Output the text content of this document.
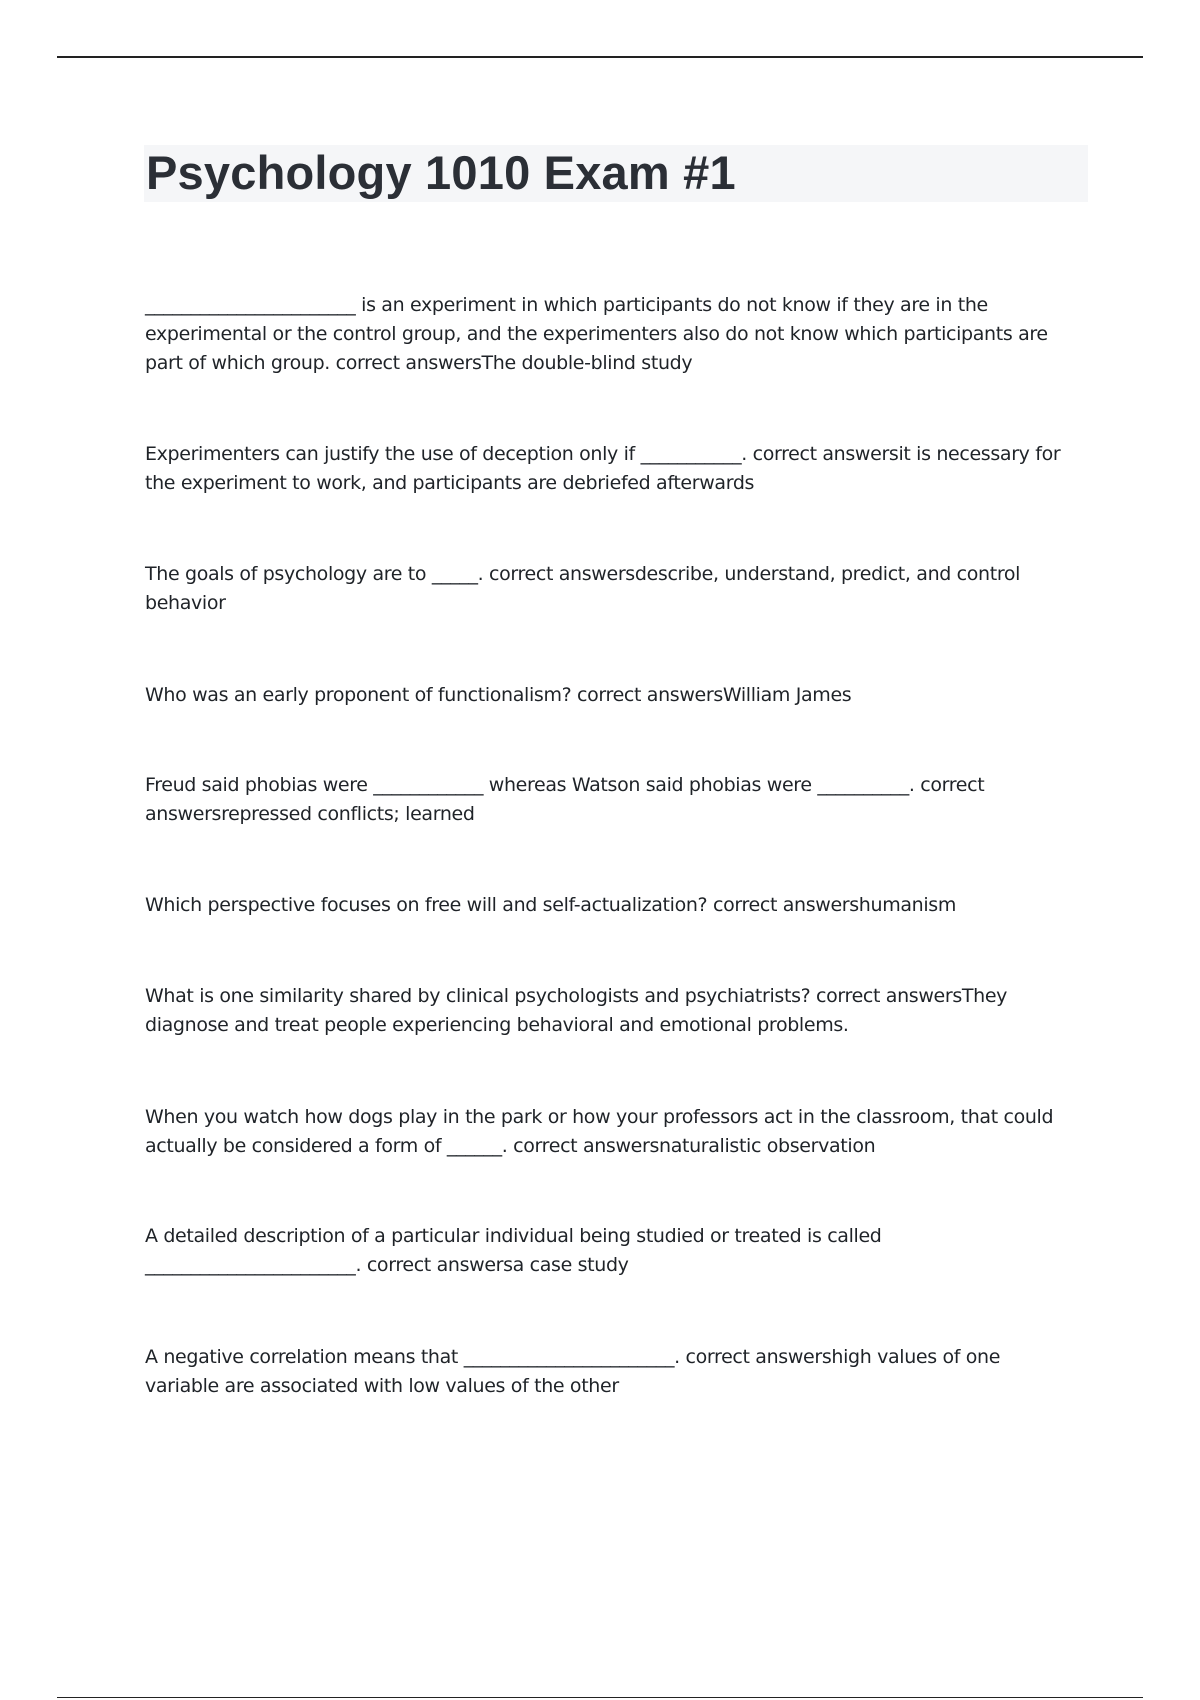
Psychology 1010 Exam #1

_______________________ is an experiment in which participants do not know if they are in the experimental or the control group, and the experimenters also do not know which participants are part of which group. correct answersThe double-blind study

Experimenters can justify the use of deception only if ___________. correct answersit is necessary for the experiment to work, and participants are debriefed afterwards

The goals of psychology are to _____. correct answersdescribe, understand, predict, and control behavior

Who was an early proponent of functionalism? correct answersWilliam James

Freud said phobias were ____________ whereas Watson said phobias were __________. correct answersrepressed conflicts; learned

Which perspective focuses on free will and self-actualization? correct answershumanism

What is one similarity shared by clinical psychologists and psychiatrists? correct answersThey diagnose and treat people experiencing behavioral and emotional problems.

When you watch how dogs play in the park or how your professors act in the classroom, that could actually be considered a form of ______. correct answersnaturalistic observation

A detailed description of a particular individual being studied or treated is called _______________________. correct answersa case study

A negative correlation means that _______________________. correct answershigh values of one variable are associated with low values of the other
